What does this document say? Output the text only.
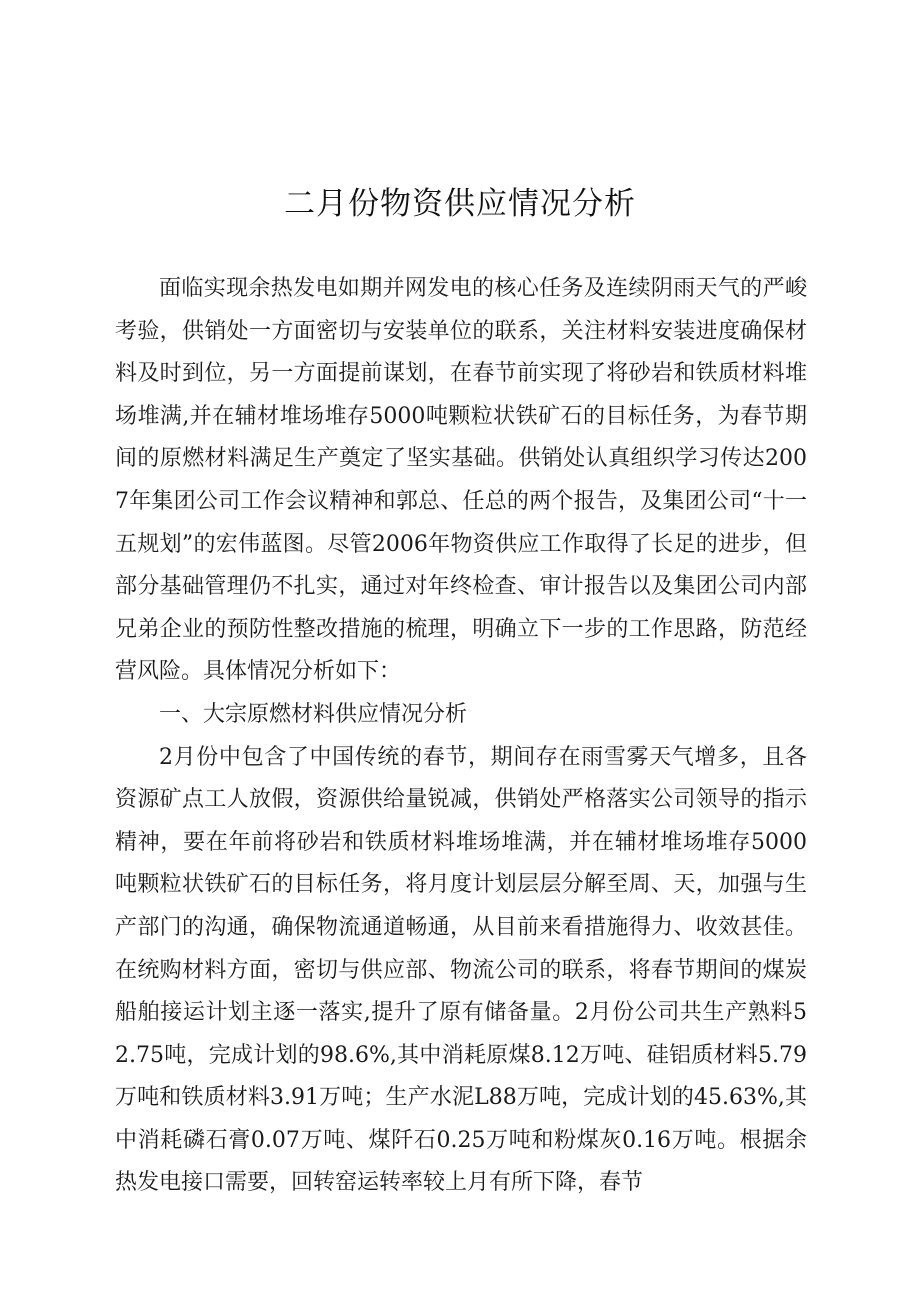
二月份物资供应情况分析

面临实现余热发电如期并网发电的核心任务及连续阴雨天气的严峻考验，供销处一方面密切与安装单位的联系，关注材料安装进度确保材料及时到位，另一方面提前谋划，在春节前实现了将砂岩和铁质材料堆场堆满,并在辅材堆场堆存5000吨颗粒状铁矿石的目标任务，为春节期间的原燃材料满足生产奠定了坚实基础。供销处认真组织学习传达2007年集团公司工作会议精神和郭总、任总的两个报告，及集团公司“十一五规划”的宏伟蓝图。尽管2006年物资供应工作取得了长足的进步，但部分基础管理仍不扎实，通过对年终检查、审计报告以及集团公司内部兄弟企业的预防性整改措施的梳理，明确立下一步的工作思路，防范经营风险。具体情况分析如下：

一、大宗原燃材料供应情况分析

2月份中包含了中国传统的春节，期间存在雨雪雾天气增多，且各资源矿点工人放假，资源供给量锐减，供销处严格落实公司领导的指示精神，要在年前将砂岩和铁质材料堆场堆满，并在辅材堆场堆存5000吨颗粒状铁矿石的目标任务，将月度计划层层分解至周、天，加强与生产部门的沟通，确保物流通道畅通，从目前来看措施得力、收效甚佳。在统购材料方面，密切与供应部、物流公司的联系，将春节期间的煤炭船舶接运计划主逐一落实,提升了原有储备量。2月份公司共生产熟料52.75吨，完成计划的98.6%,其中消耗原煤8.12万吨、硅铝质材料5.79万吨和铁质材料3.91万吨；生产水泥L88万吨，完成计划的45.63%,其中消耗磷石膏0.07万吨、煤阡石0.25万吨和粉煤灰0.16万吨。根据余热发电接口需要，回转窑运转率较上月有所下降，春节
